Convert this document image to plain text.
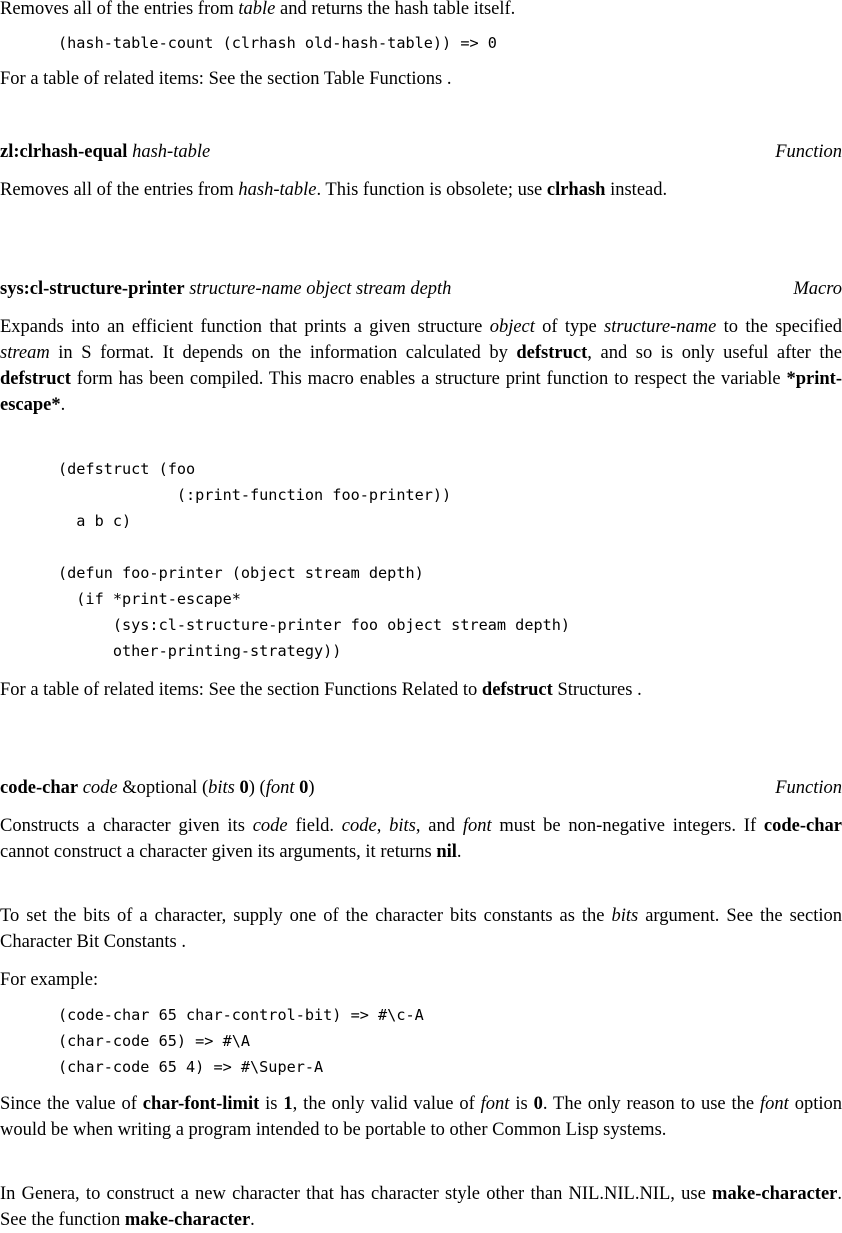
Removes all of the entries from table and returns the hash table itself.

(hash-table-count (clrhash old-hash-table)) => 0

For a table of related items: See the section Table Functions .

zl:clrhash-equal hash-table	Function

Removes all of the entries from hash-table. This function is obsolete; use clrhash instead.

sys:cl-structure-printer structure-name object stream depth	Macro

Expands into an efficient function that prints a given structure object of type structure-name to the specified stream in S format. It depends on the information calculated by defstruct, and so is only useful after the defstruct form has been compiled. This macro enables a structure print function to respect the variable *print-escape*.

(defstruct (foo
(:print-function foo-printer))
a b c)

(defun foo-printer (object stream depth)
(if *print-escape*
(sys:cl-structure-printer foo object stream depth)
other-printing-strategy))

For a table of related items: See the section Functions Related to defstruct Structures .

code-char code &optional (bits 0) (font 0)	Function

Constructs a character given its code field. code, bits, and font must be non-negative integers. If code-char cannot construct a character given its arguments, it returns nil.

To set the bits of a character, supply one of the character bits constants as the bits argument. See the section Character Bit Constants .

For example:

(code-char 65 char-control-bit) => #\c-A
(char-code 65) => #\A
(char-code 65 4) => #\Super-A

Since the value of char-font-limit is 1, the only valid value of font is 0. The only reason to use the font option would be when writing a program intended to be portable to other Common Lisp systems.

In Genera, to construct a new character that has character style other than NIL.NIL.NIL, use make-character. See the function make-character.
